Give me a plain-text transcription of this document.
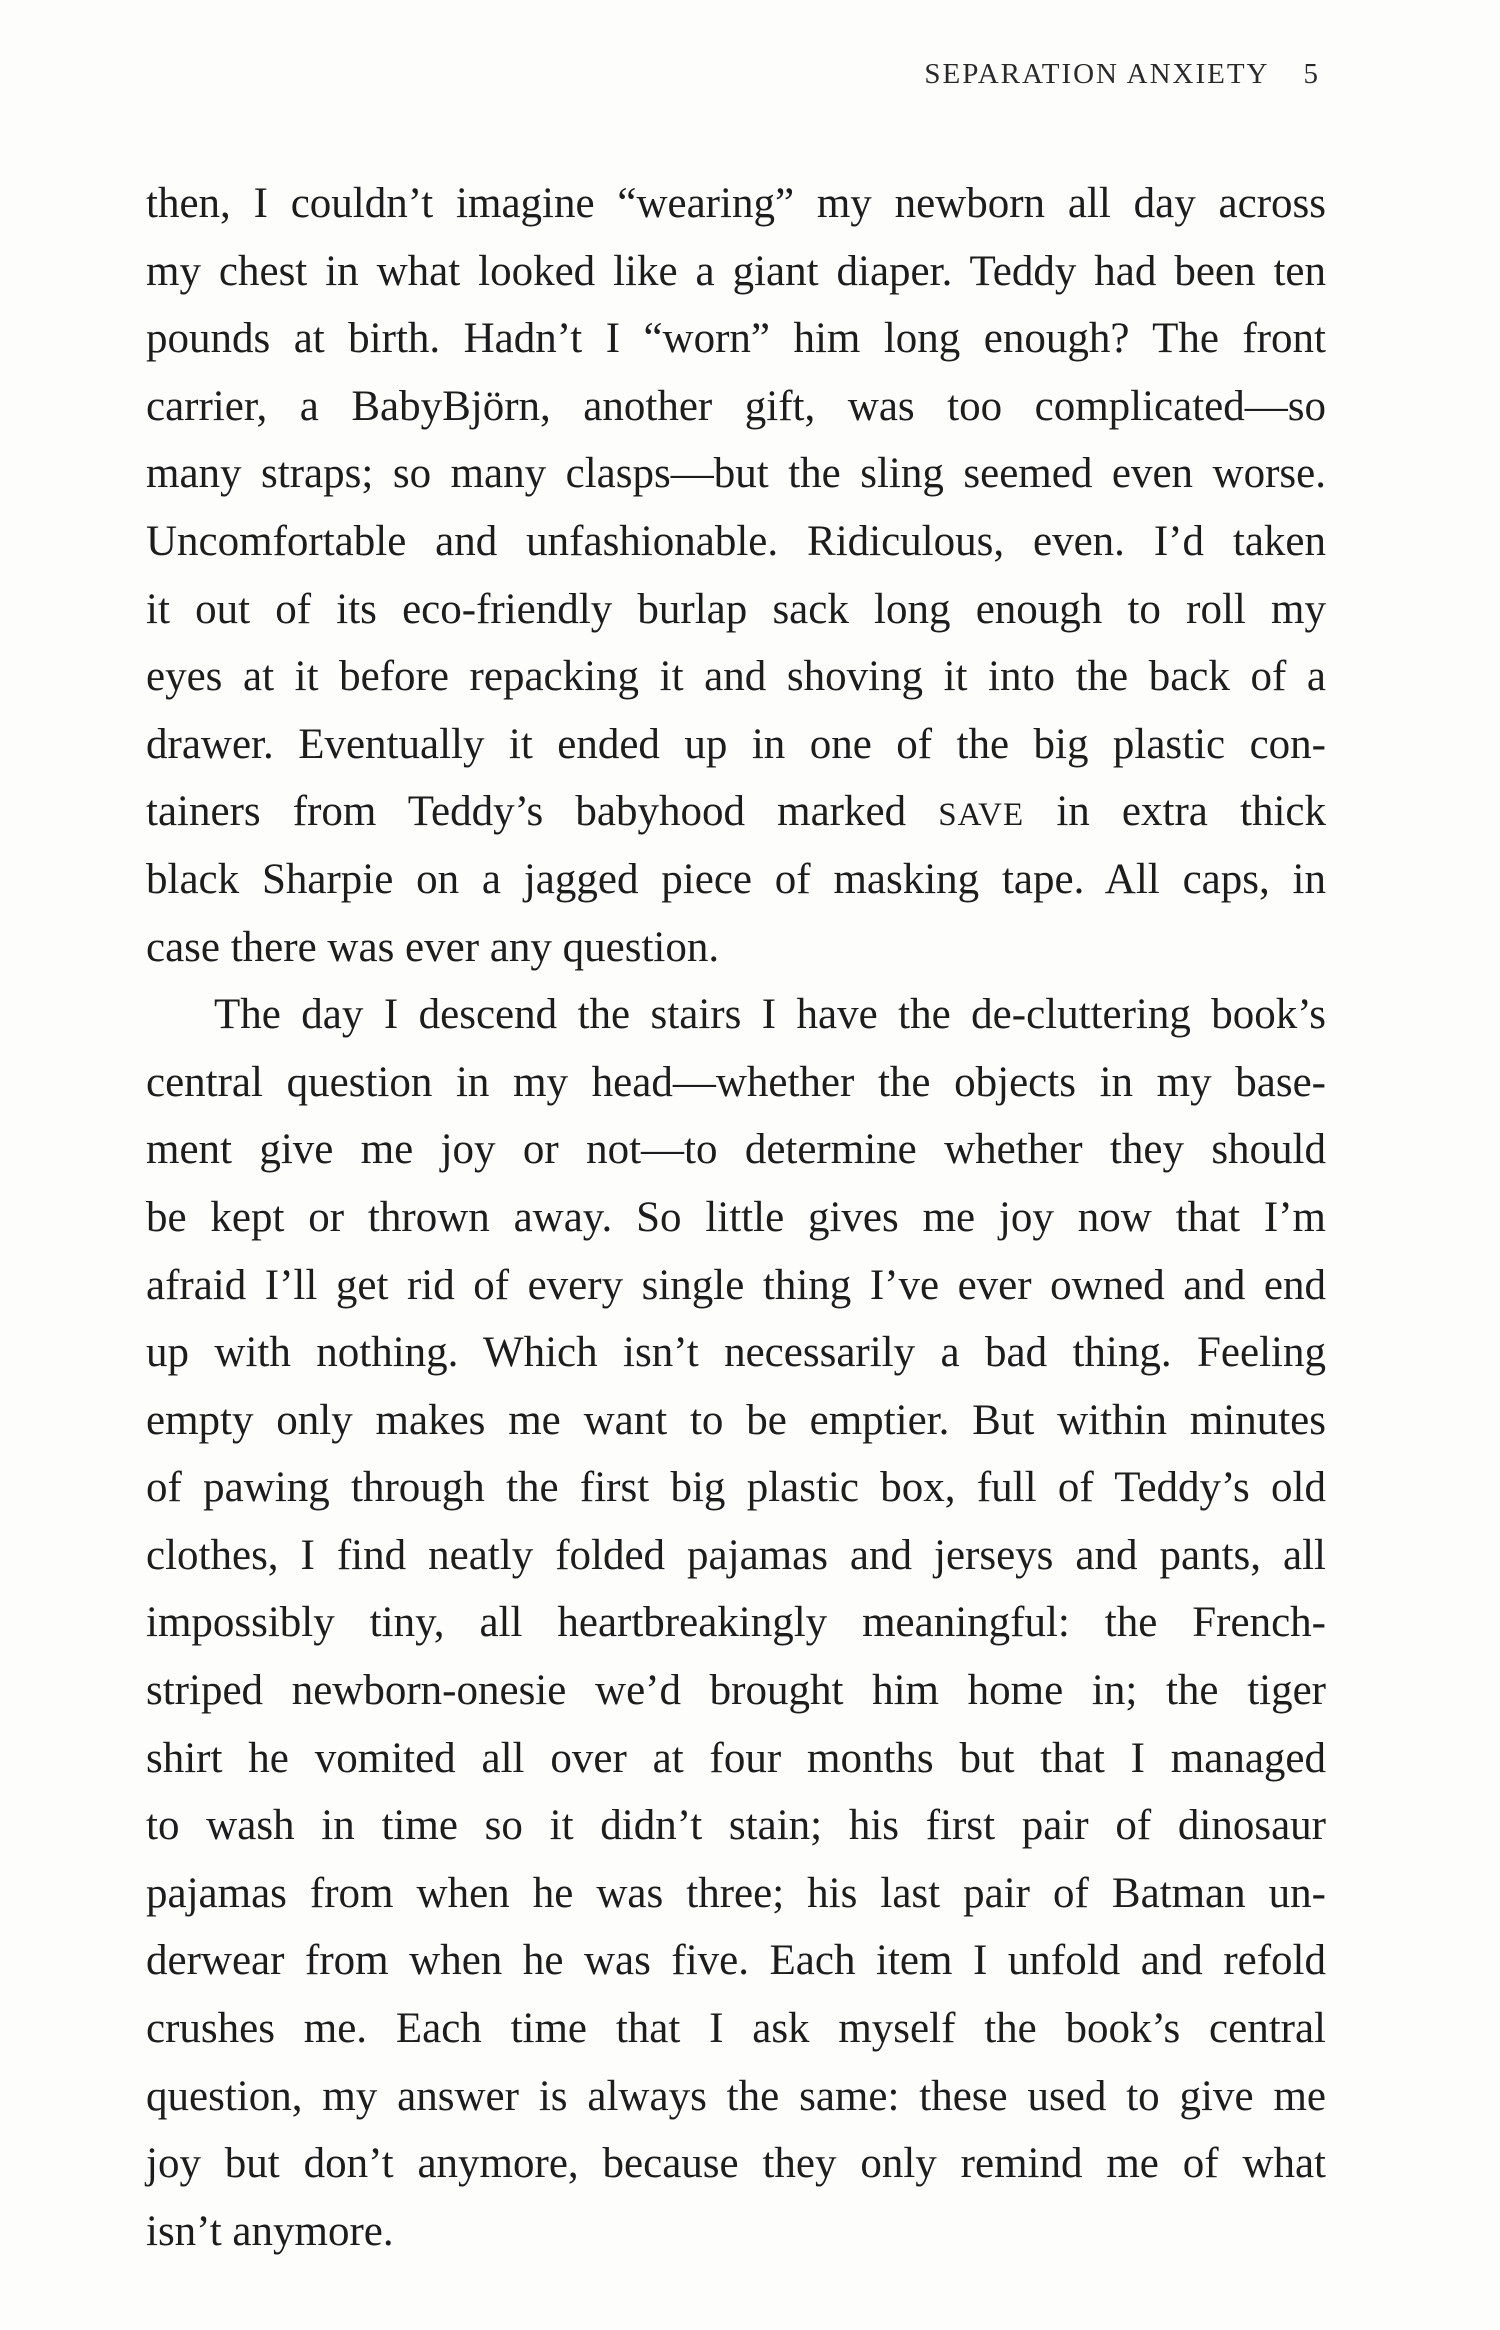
SEPARATION ANXIETY 5
then, I couldn’t imagine “wearing” my newborn all day across
my chest in what looked like a giant diaper. Teddy had been ten
pounds at birth. Hadn’t I “worn” him long enough? The front
carrier, a BabyBjörn, another gift, was too complicated—so
many straps; so many clasps—but the sling seemed even worse.
Uncomfortable and unfashionable. Ridiculous, even. I’d taken
it out of its eco-friendly burlap sack long enough to roll my
eyes at it before repacking it and shoving it into the back of a
drawer. Eventually it ended up in one of the big plastic con-
tainers from Teddy’s babyhood marked SAVE in extra thick
black Sharpie on a jagged piece of masking tape. All caps, in
case there was ever any question.
The day I descend the stairs I have the de-cluttering book’s
central question in my head—whether the objects in my base-
ment give me joy or not—to determine whether they should
be kept or thrown away. So little gives me joy now that I’m
afraid I’ll get rid of every single thing I’ve ever owned and end
up with nothing. Which isn’t necessarily a bad thing. Feeling
empty only makes me want to be emptier. But within minutes
of pawing through the first big plastic box, full of Teddy’s old
clothes, I find neatly folded pajamas and jerseys and pants, all
impossibly tiny, all heartbreakingly meaningful: the French-
striped newborn-onesie we’d brought him home in; the tiger
shirt he vomited all over at four months but that I managed
to wash in time so it didn’t stain; his first pair of dinosaur
pajamas from when he was three; his last pair of Batman un-
derwear from when he was five. Each item I unfold and refold
crushes me. Each time that I ask myself the book’s central
question, my answer is always the same: these used to give me
joy but don’t anymore, because they only remind me of what
isn’t anymore.
